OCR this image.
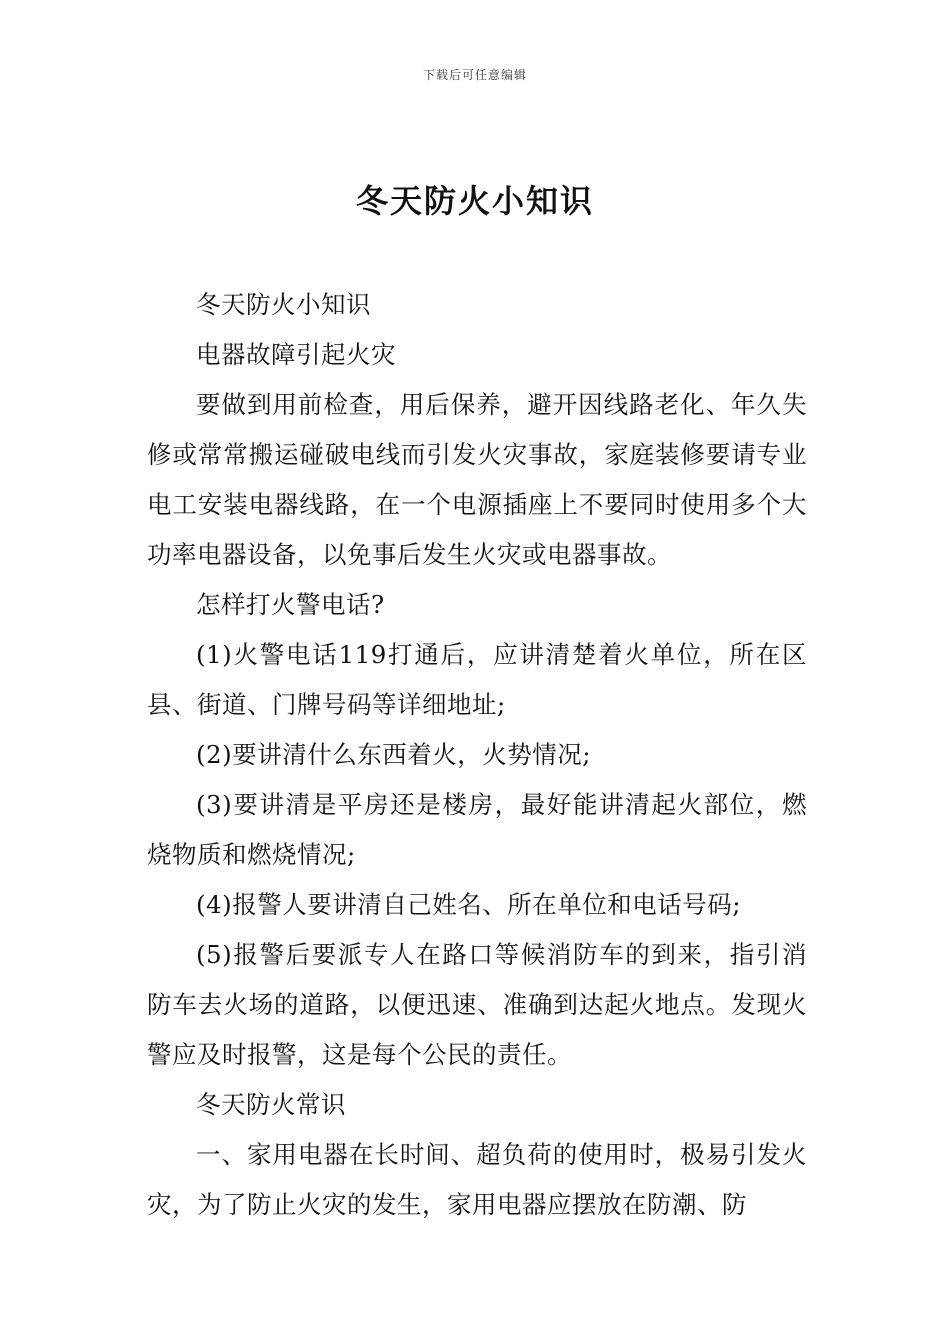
下载后可任意编辑
冬天防火小知识

冬天防火小知识

电器故障引起火灾

要做到用前检查，用后保养，避开因线路老化、年久失修或常常搬运碰破电线而引发火灾事故，家庭装修要请专业电工安装电器线路，在一个电源插座上不要同时使用多个大功率电器设备，以免事后发生火灾或电器事故。

怎样打火警电话?

(1)火警电话119打通后，应讲清楚着火单位，所在区县、街道、门牌号码等详细地址;

(2)要讲清什么东西着火，火势情况;

(3)要讲清是平房还是楼房，最好能讲清起火部位，燃烧物质和燃烧情况;

(4)报警人要讲清自己姓名、所在单位和电话号码;

(5)报警后要派专人在路口等候消防车的到来，指引消防车去火场的道路，以便迅速、准确到达起火地点。发现火警应及时报警，这是每个公民的责任。

冬天防火常识

一、家用电器在长时间、超负荷的使用时，极易引发火灾，为了防止火灾的发生，家用电器应摆放在防潮、防
